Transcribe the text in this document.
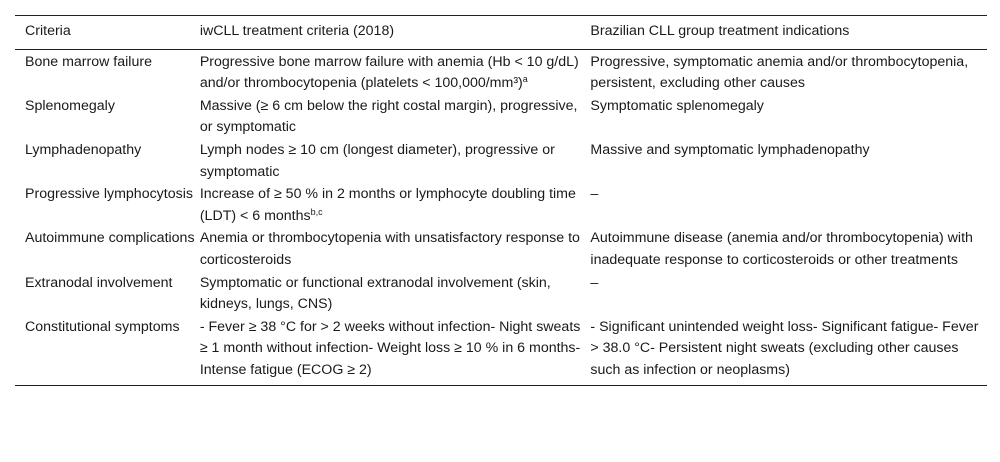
Criteria	iwCLL treatment criteria (2018)	Brazilian CLL group treatment indications
Bone marrow failure	Progressive bone marrow failure with anemia (Hb < 10 g/dL) and/or thrombocytopenia (platelets < 100,000/mm³)$^a$	Progressive, symptomatic anemia and/or thrombocytopenia, persistent, excluding other causes
Splenomegaly	Massive (≥ 6 cm below the right costal margin), progressive, or symptomatic	Symptomatic splenomegaly
Lymphadenopathy	Lymph nodes ≥ 10 cm (longest diameter), progressive or symptomatic	Massive and symptomatic lymphadenopathy
Progressive lymphocytosis	Increase of ≥ 50 % in 2 months or lymphocyte doubling time (LDT) < 6 months$^{b,c}$	–
Autoimmune complications	Anemia or thrombocytopenia with unsatisfactory response to corticosteroids	Autoimmune disease (anemia and/or thrombocytopenia) with inadequate response to corticosteroids or other treatments
Extranodal involvement	Symptomatic or functional extranodal involvement (skin, kidneys, lungs, CNS)	–
Constitutional symptoms	- Fever ≥ 38 °C for > 2 weeks without infection- Night sweats ≥ 1 month without infection- Weight loss ≥ 10 % in 6 months- Intense fatigue (ECOG ≥ 2)	- Significant unintended weight loss- Significant fatigue- Fever > 38.0 °C- Persistent night sweats (excluding other causes such as infection or neoplasms)
